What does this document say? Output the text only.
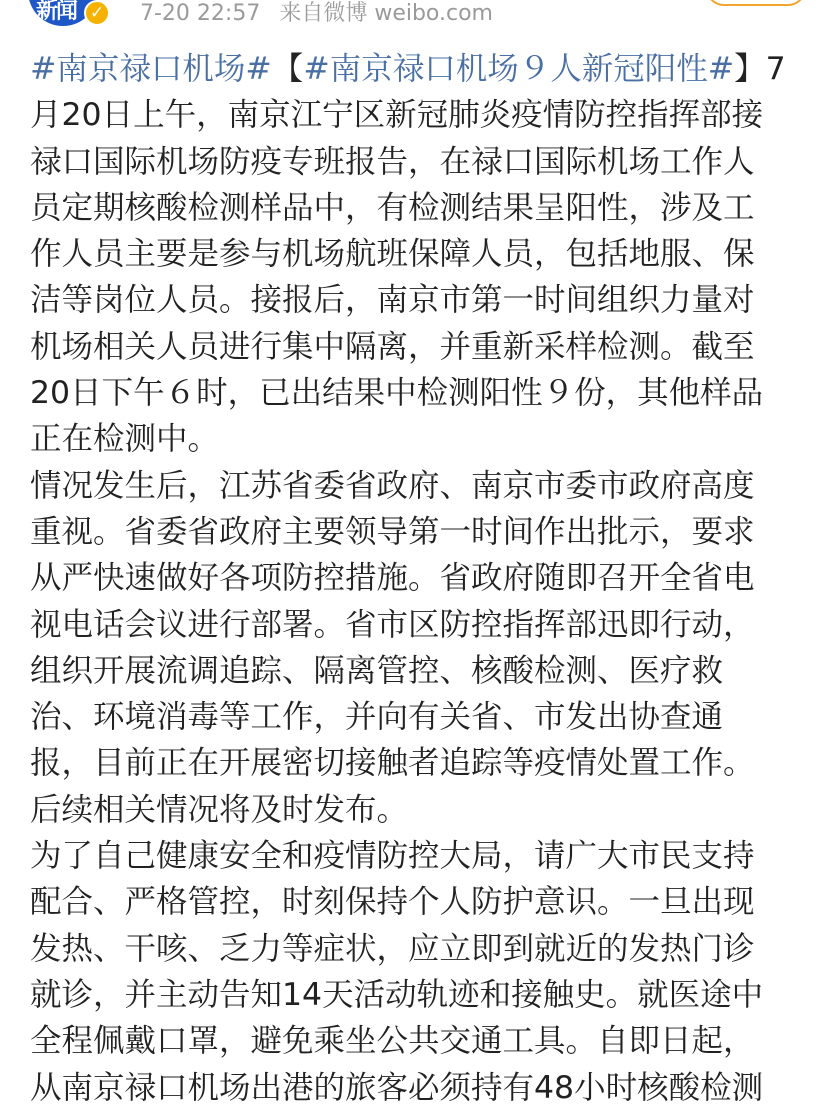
新闻 ✓ 7-20 22:57 来自微博 weibo.com

#南京禄口机场#【#南京禄口机场９人新冠阳性#】7
月20日上午，南京江宁区新冠肺炎疫情防控指挥部接
禄口国际机场防疫专班报告，在禄口国际机场工作人
员定期核酸检测样品中，有检测结果呈阳性，涉及工
作人员主要是参与机场航班保障人员，包括地服、保
洁等岗位人员。接报后，南京市第一时间组织力量对
机场相关人员进行集中隔离，并重新采样检测。截至
20日下午６时，已出结果中检测阳性９份，其他样品
正在检测中。

情况发生后，江苏省委省政府、南京市委市政府高度
重视。省委省政府主要领导第一时间作出批示，要求
从严快速做好各项防控措施。省政府随即召开全省电
视电话会议进行部署。省市区防控指挥部迅即行动，
组织开展流调追踪、隔离管控、核酸检测、医疗救
治、环境消毒等工作，并向有关省、市发出协查通
报，目前正在开展密切接触者追踪等疫情处置工作。
后续相关情况将及时发布。

为了自己健康安全和疫情防控大局，请广大市民支持
配合、严格管控，时刻保持个人防护意识。一旦出现
发热、干咳、乏力等症状，应立即到就近的发热门诊
就诊，并主动告知14天活动轨迹和接触史。就医途中
全程佩戴口罩，避免乘坐公共交通工具。自即日起，
从南京禄口机场出港的旅客必须持有48小时核酸检测
